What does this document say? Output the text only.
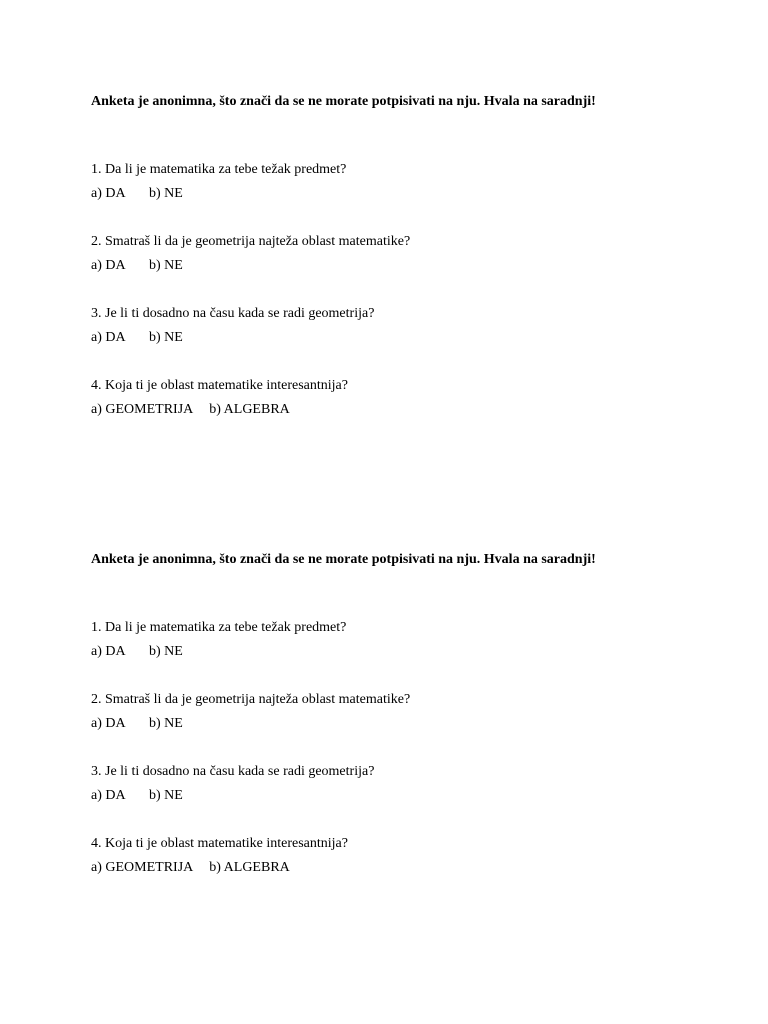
Anketa je anonimna, što znači da se ne morate potpisivati na nju. Hvala na saradnji!

1. Da li je matematika za tebe težak predmet?
a) DA	b) NE
2. Smatraš li da je geometrija najteža oblast matematike?
a) DA	b) NE
3. Je li ti dosadno na času kada se radi geometrija?
a) DA	b) NE
4. Koja ti je oblast matematike interesantnija?
a) GEOMETRIJA	b) ALGEBRA

Anketa je anonimna, što znači da se ne morate potpisivati na nju. Hvala na saradnji!

1. Da li je matematika za tebe težak predmet?
a) DA	b) NE
2. Smatraš li da je geometrija najteža oblast matematike?
a) DA	b) NE
3. Je li ti dosadno na času kada se radi geometrija?
a) DA	b) NE
4. Koja ti je oblast matematike interesantnija?
a) GEOMETRIJA	b) ALGEBRA
